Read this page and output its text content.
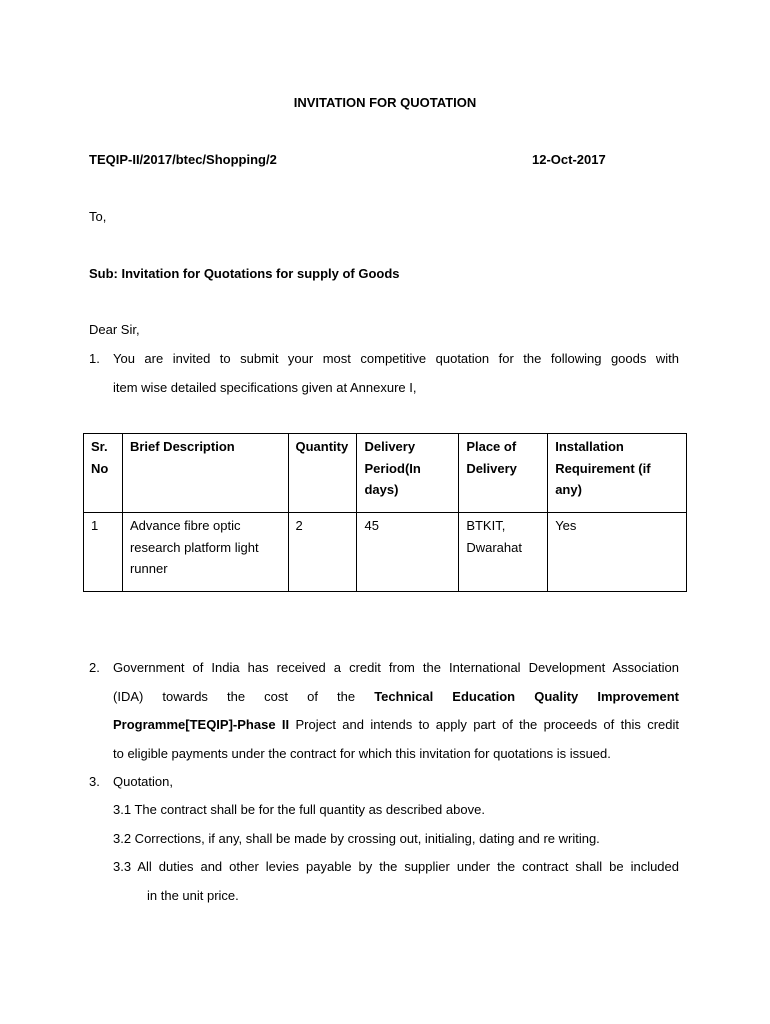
INVITATION FOR QUOTATION
TEQIP-II/2017/btec/Shopping/2	12-Oct-2017
To,
Sub: Invitation for Quotations for supply of Goods
Dear Sir,
1. You are invited to submit your most competitive quotation for the following goods with
item wise detailed specifications given at Annexure I,
Sr. No	Brief Description	Quantity	Delivery Period(In days)	Place of Delivery	Installation Requirement (if any)
1	Advance fibre optic research platform light runner	2	45	BTKIT, Dwarahat	Yes
2. Government of India has received a credit from the International Development Association
(IDA) towards the cost of the Technical Education Quality Improvement
Programme[TEQIP]-Phase II Project and intends to apply part of the proceeds of this credit
to eligible payments under the contract for which this invitation for quotations is issued.
3. Quotation,
3.1 The contract shall be for the full quantity as described above.
3.2 Corrections, if any, shall be made by crossing out, initialing, dating and re writing.
3.3 All duties and other levies payable by the supplier under the contract shall be included
in the unit price.
